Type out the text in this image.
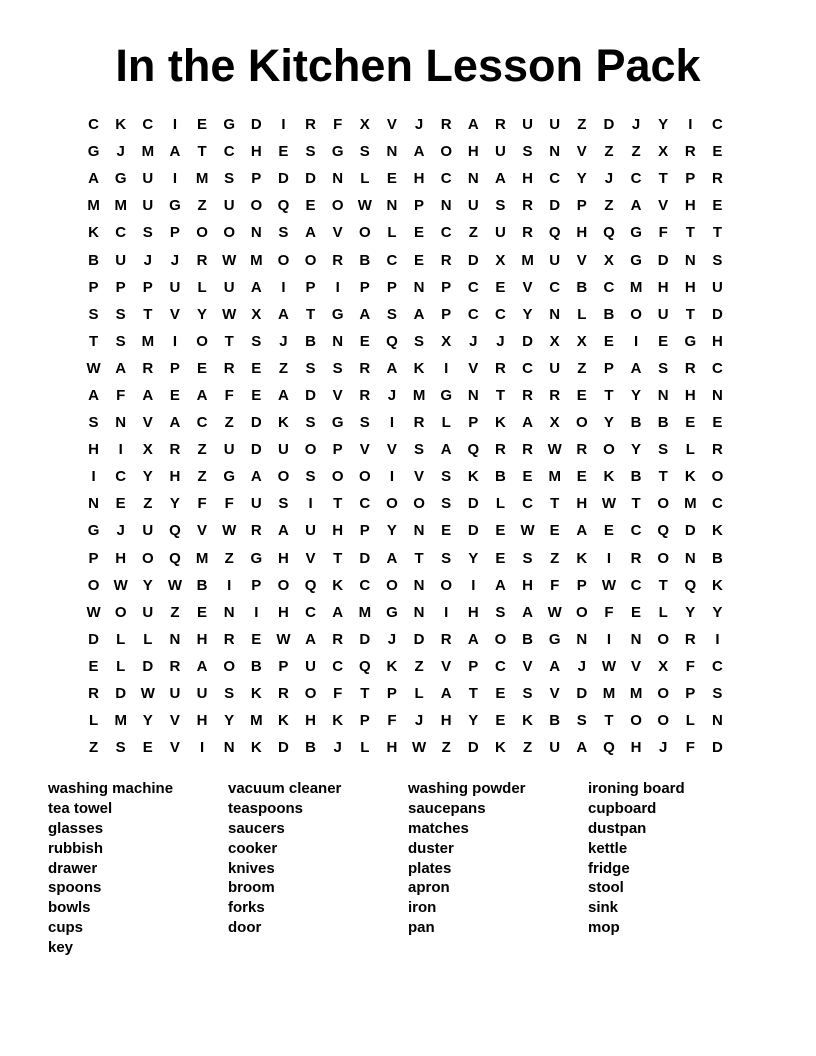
In the Kitchen Lesson Pack
C	K	C	I	E	G	D	I	R	F	X	V	J	R	A	R	U	U	Z	D	J	Y	I	C
G	J	M	A	T	C	H	E	S	G	S	N	A	O	H	U	S	N	V	Z	Z	X	R	E
A	G	U	I	M	S	P	D	D	N	L	E	H	C	N	A	H	C	Y	J	C	T	P	R
M M	U	G	Z	U	O	Q	E	O W N	P	N	U	S	R	D	P	Z	A	V	H	E
K	C	S	P	O	O	N	S	A	V	O	L	E	C	Z	U	R	Q	H	Q	G	F	T	T
B	U	J	J	R W M	O	O	R	B	C	E	R	D	X	M	U	V	X	G	D	N	S
P	P	P	U	L	U	A	I	P	I	P	P	N	P	C	E	V	C	B	C	M	H	H	U
S	S	T	V	Y	W	X	A	T	G	A	S	A	P	C	C	Y	N	L	B	O	U	T	D
T	S	M	I	O	T	S	J	B	N	E	Q	S	X	J	J	D	X	X	E	I	E	G	H
W A	R	P	E	R	E	Z	S	S	R	A	K	I	V	R	C	U	Z	P	A	S	R	C
A	F	A	E	A	F	E	A	D	V	R	J	M	G	N	T	R	R	E	T	Y	N	H	N
S	N	V	A	C	Z	D	K	S	G	S	I	R	L	P	K	A	X	O	Y	B	B	E	E
H	I	X	R	Z	U	D	U	O	P	V	V	S	A	Q	R	R W R	O	Y	S	L	R
I	C	Y	H	Z	G	A	O	S	O	O	I	V	S	K	B	E	M	E	K	B	T	K	O
N	E	Z	Y	F	F	U	S	I	T	C	O	O	S	D	L	C	T	H W	T	O	M	C
G	J	U	Q	V	W R	A	U	H	P	Y	N	E	D	E	W	E	A	E	C	Q	D	K
P	H	O	Q	M	Z	G	H	V	T	D	A	T	S	Y	E	S	Z	K	I	R	O	N	B
O W	Y	W B	I	P	O	Q	K	C	O	N	O	I	A	H	F	P	W C	T	Q	K
W O	U	Z	E	N	I	H	C	A	M	G	N	I	H	S	A W O	F	E	L	Y	Y
D	L	L	N	H	R	E	W A	R	D	J	D	R	A	O	B	G	N	I	N	O	R	I
E	L	D	R	A	O	B	P	U	C	Q	K	Z	V	P	C	V	A	J	W	V	X	F	C
R	D W U	U	S	K	R	O	F	T	P	L	A	T	E	S	V	D	M M	O	P	S
L	M	Y	V	H	Y	M	K	H	K	P	F	J	H	Y	E	K	B	S	T	O	O	L	N
Z	S	E	V	I	N	K	D	B	J	L	H W	Z	D	K	Z	U	A	Q	H	J	F	D
washing machine
tea towel
glasses
rubbish
drawer
spoons
bowls
cups
key
vacuum cleaner
teaspoons
saucers
cooker
knives
broom
forks
door
washing powder
saucepans
matches
duster
plates
apron
iron
pan
ironing board
cupboard
dustpan
kettle
fridge
stool
sink
mop
